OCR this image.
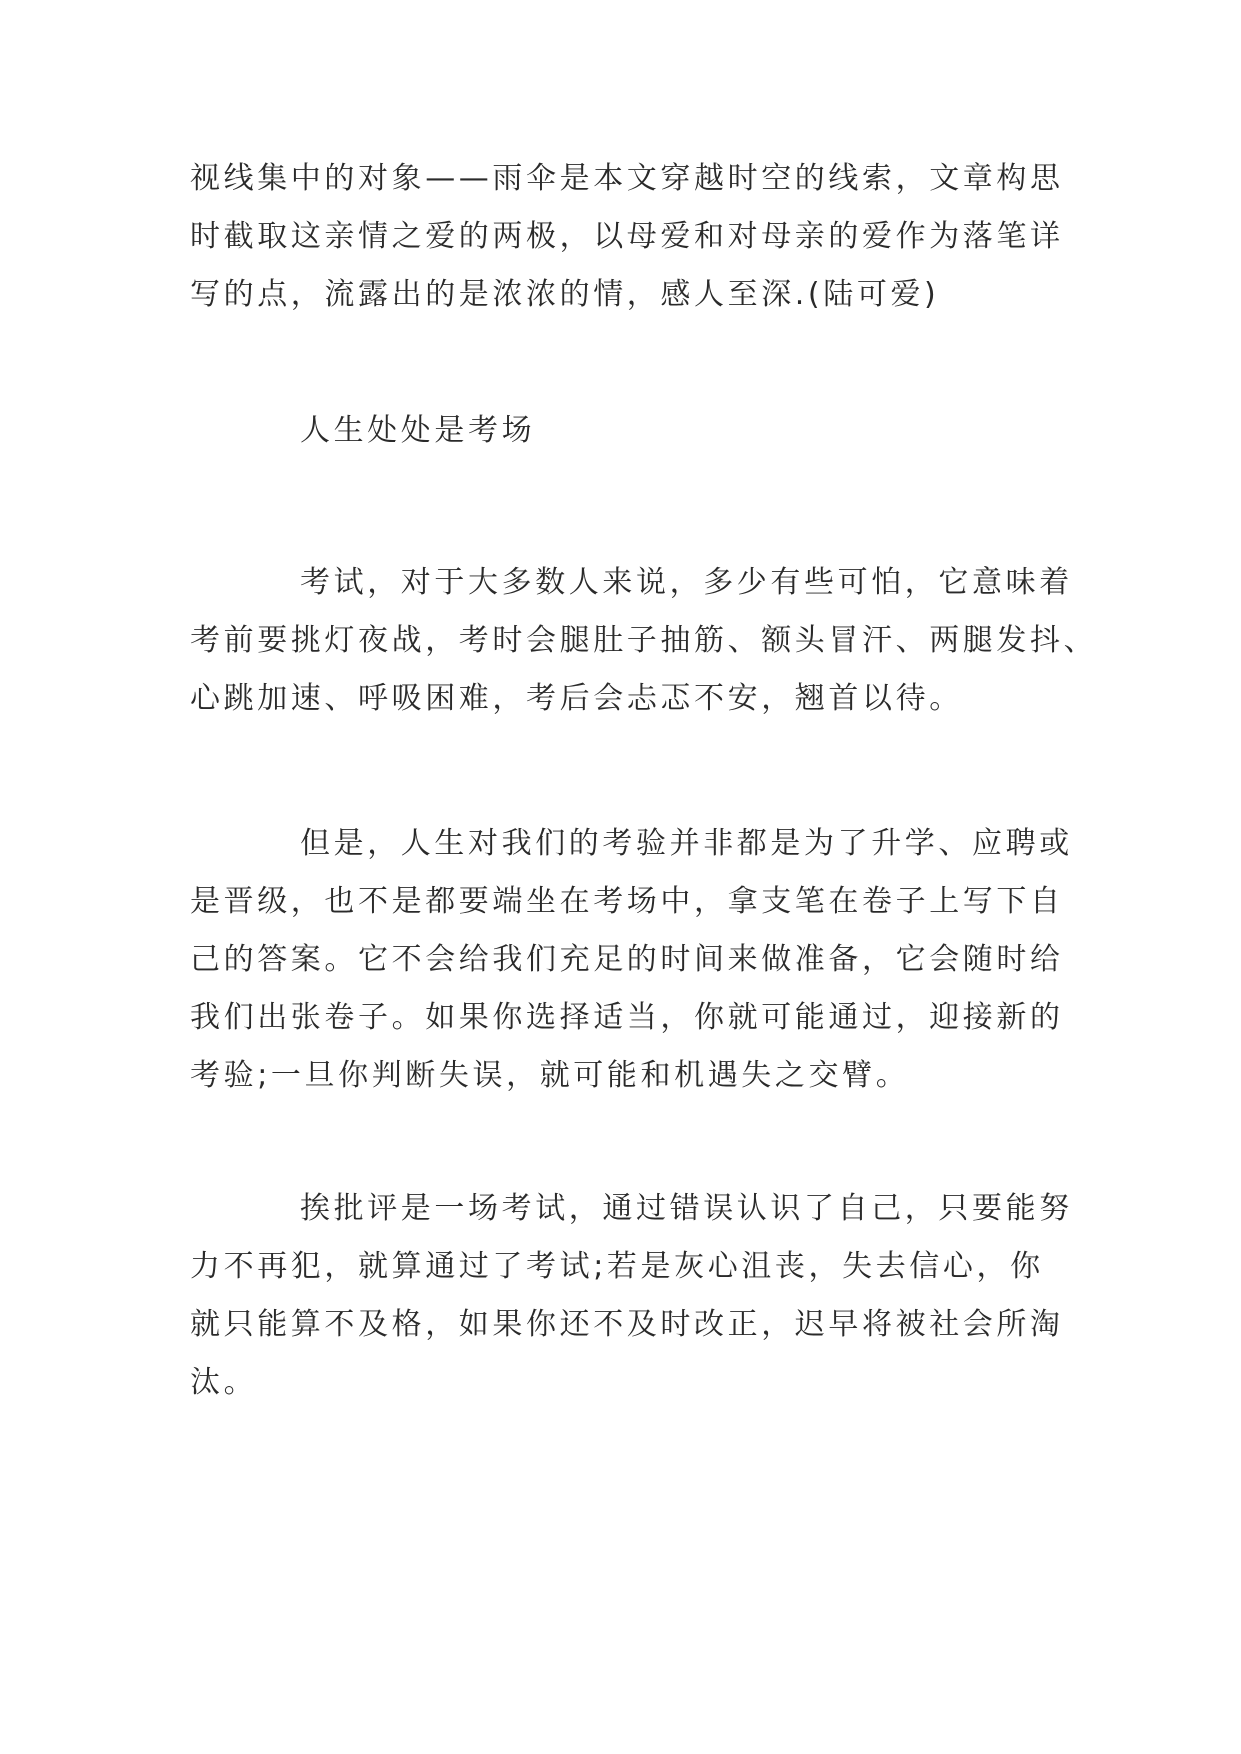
视线集中的对象——雨伞是本文穿越时空的线索，文章构思
时截取这亲情之爱的两极，以母爱和对母亲的爱作为落笔详
写的点，流露出的是浓浓的情，感人至深.(陆可爱)
人生处处是考场
考试，对于大多数人来说，多少有些可怕，它意味着
考前要挑灯夜战，考时会腿肚子抽筋、额头冒汗、两腿发抖、
心跳加速、呼吸困难，考后会忐忑不安，翘首以待。
但是，人生对我们的考验并非都是为了升学、应聘或
是晋级，也不是都要端坐在考场中，拿支笔在卷子上写下自
己的答案。它不会给我们充足的时间来做准备，它会随时给
我们出张卷子。如果你选择适当，你就可能通过，迎接新的
考验;一旦你判断失误，就可能和机遇失之交臂。
挨批评是一场考试，通过错误认识了自己，只要能努
力不再犯，就算通过了考试;若是灰心沮丧，失去信心，你
就只能算不及格，如果你还不及时改正，迟早将被社会所淘
汰。
